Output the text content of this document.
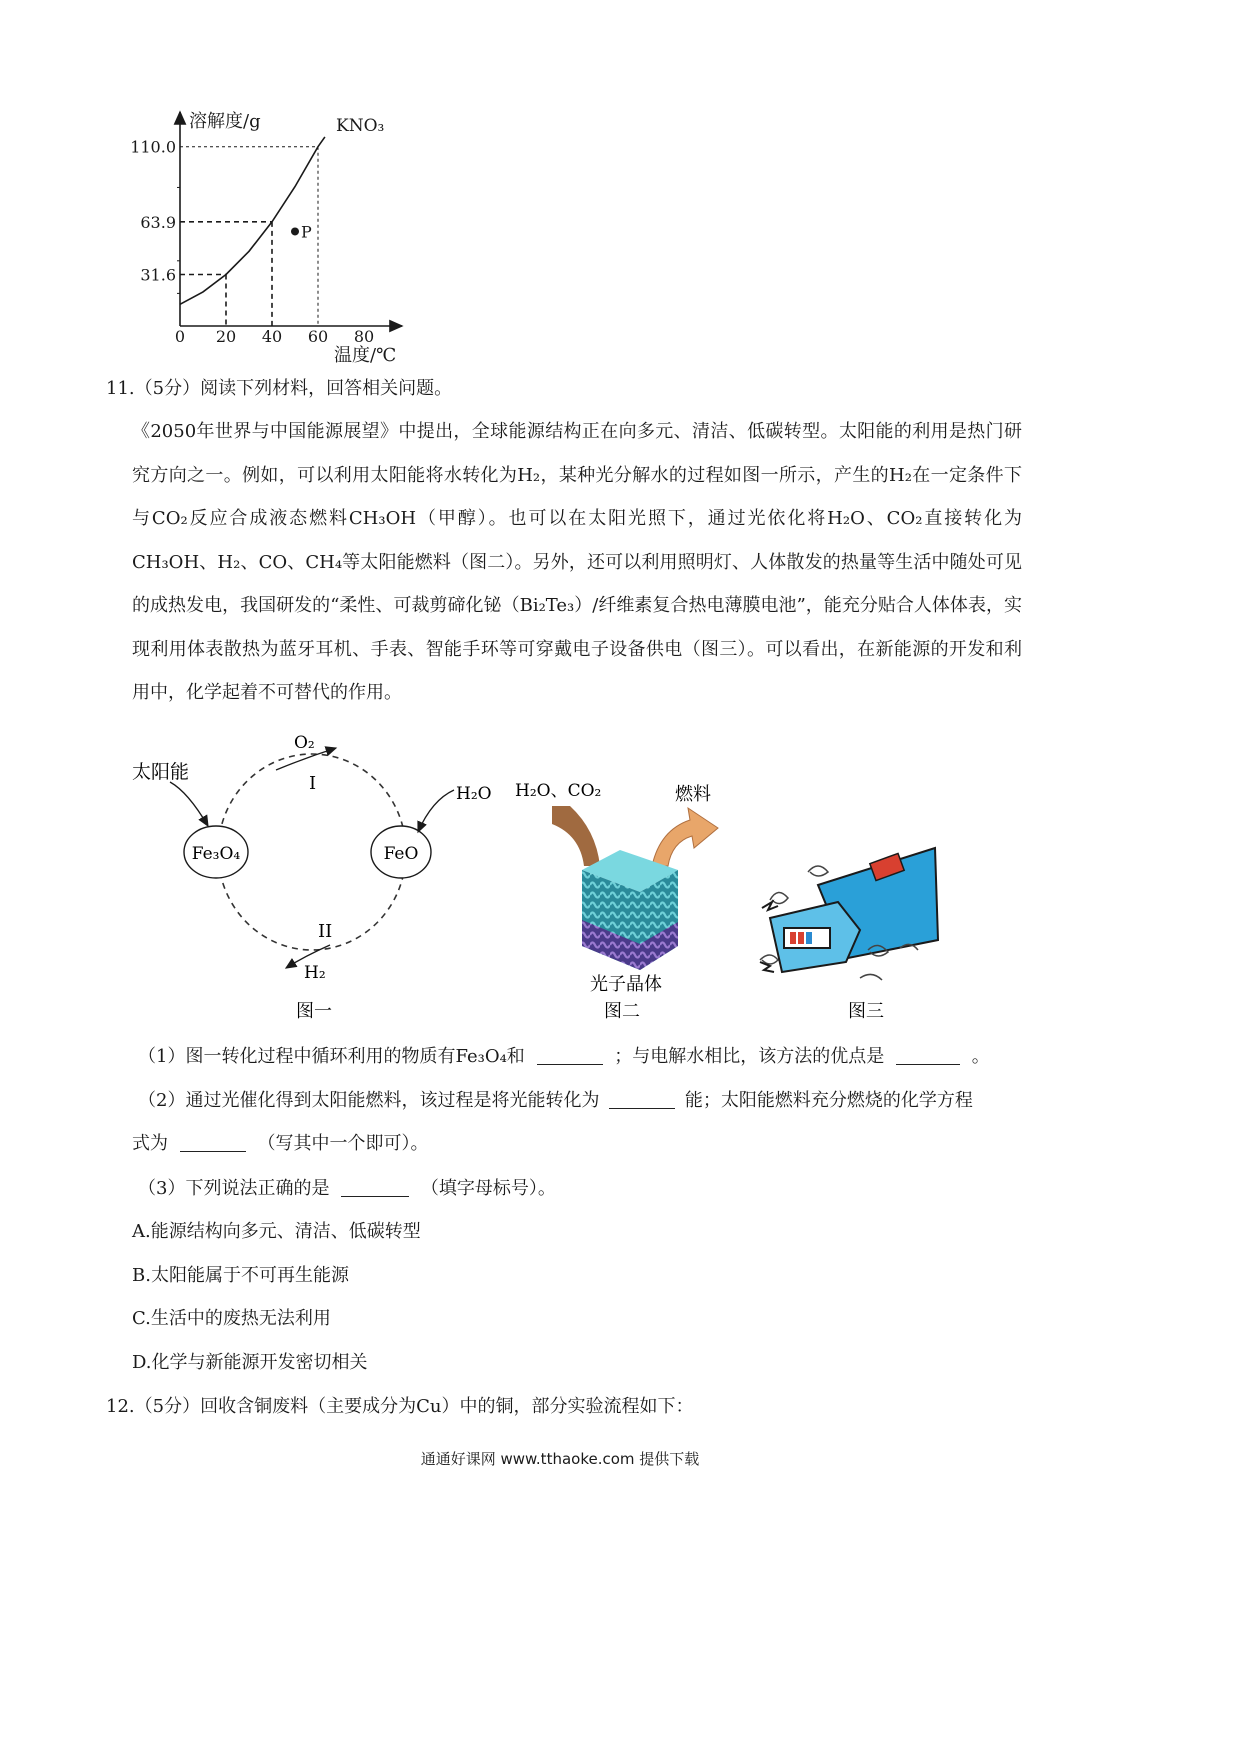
110.0
63.9
31.6
0 20 40 60 80
P
溶解度/g	KNO₃
温度/℃
11.（5分）阅读下列材料，回答相关问题。
《2050年世界与中国能源展望》中提出，全球能源结构正在向多元、清洁、低碳转型。太阳能的利用是热门研究方向之一。例如，可以利用太阳能将水转化为H₂，某种光分解水的过程如图一所示，产生的H₂在一定条件下与CO₂反应合成液态燃料CH₃OH（甲醇）。也可以在太阳光照下，通过光依化将H₂O、CO₂直接转化为CH₃OH、H₂、CO、CH₄等太阳能燃料（图二）。另外，还可以利用照明灯、人体散发的热量等生活中随处可见的成热发电，我国研发的“柔性、可裁剪碲化铋（Bi₂Te₃）/纤维素复合热电薄膜电池”，能充分贴合人体体表，实现利用体表散热为蓝牙耳机、手表、智能手环等可穿戴电子设备供电（图三）。可以看出，在新能源的开发和利用中，化学起着不可替代的作用。
Fe₃O₄	FeO
太阳能
O₂
I	H₂O
II
H₂
图一
H₂O、CO₂	燃料
光子晶体
图二	图三
（1）图一转化过程中循环利用的物质有Fe₃O₄和	；与电解水相比，该方法的优点是	。
（2）通过光催化得到太阳能燃料，该过程是将光能转化为	能；太阳能燃料充分燃烧的化学方程
式为	（写其中一个即可）。
（3）下列说法正确的是	（填字母标号）。
A.能源结构向多元、清洁、低碳转型
B.太阳能属于不可再生能源
C.生活中的废热无法利用
D.化学与新能源开发密切相关
12.（5分）回收含铜废料（主要成分为Cu）中的铜，部分实验流程如下：
通通好课网 www.tthaoke.com 提供下载
